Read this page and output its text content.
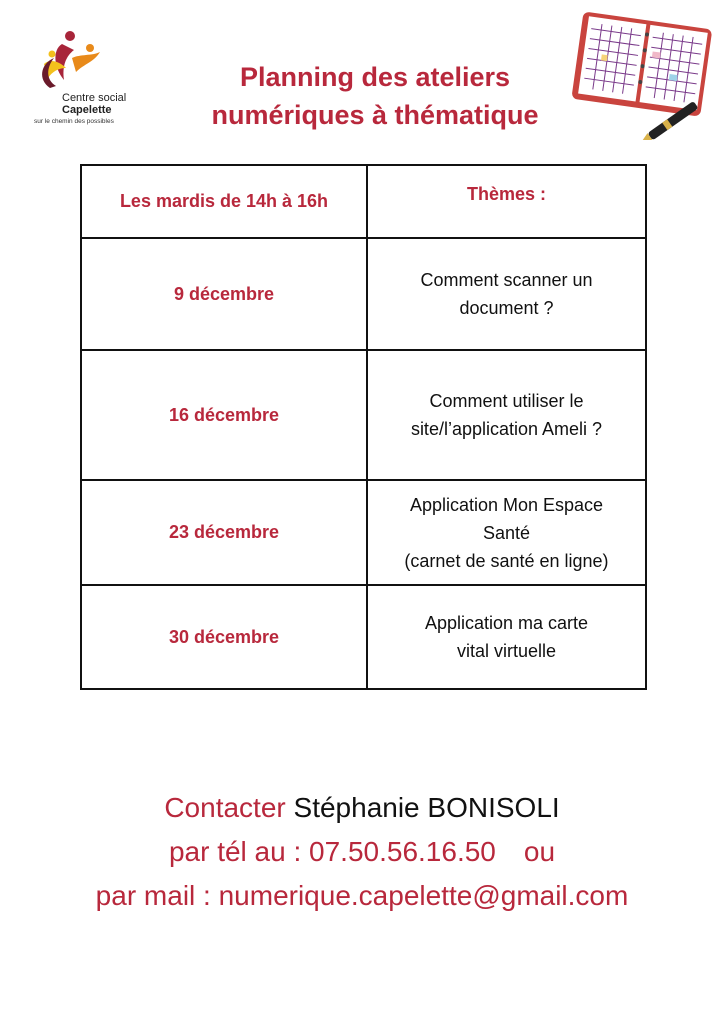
Centre social
Capelette
sur le chemin des possibles
Planning des ateliers
numériques à thématique
Les mardis de 14h à 16h	Thèmes :
9 décembre	Comment scanner un
document ?

16 décembre	Comment utiliser le
site/l’application Ameli ?

23 décembre	Application Mon Espace
Santé
(carnet de santé en ligne)

30 décembre	Application ma carte
vital virtuelle
Contacter Stéphanie BONISOLI
par tél au : 07.50.56.16.50 ou
par mail : numerique.capelette@gmail.com
